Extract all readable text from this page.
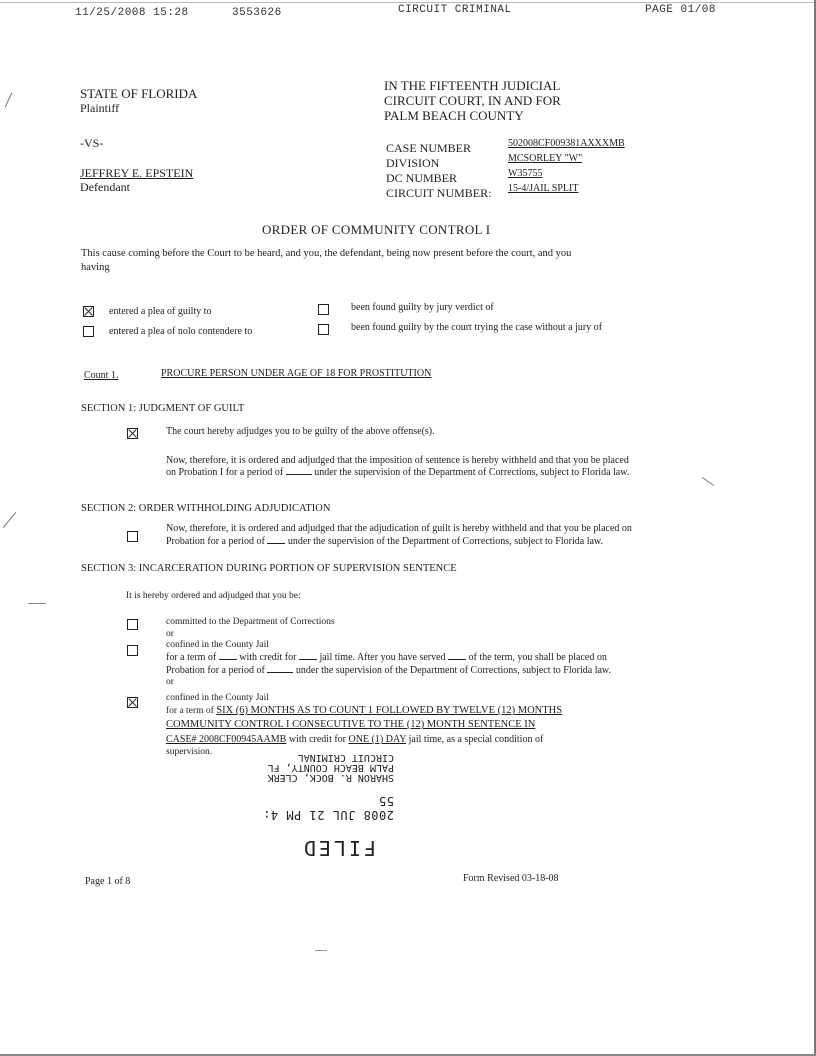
11/25/2008 15:28	3553626	CIRCUIT CRIMINAL	PAGE 01/08
STATE OF FLORIDA
Plaintiff
-VS-
JEFFREY E. EPSTEIN
Defendant
IN THE FIFTEENTH JUDICIAL
CIRCUIT COURT, IN AND FOR
PALM BEACH COUNTY
CASE NUMBER	502008CF009381AXXXMB
DIVISION	MCSORLEY "W"
DC NUMBER	W35755
CIRCUIT NUMBER: 15-4/JAIL SPLIT
ORDER OF COMMUNITY CONTROL I
This cause coming before the Court to be heard, and you, the defendant, being now present before the court, and you
having
entered a plea of guilty to
entered a plea of nolo contendere to
been found guilty by jury verdict of
been found guilty by the court trying the case without a jury of
Count 1.	PROCURE PERSON UNDER AGE OF 18 FOR PROSTITUTION
SECTION 1: JUDGMENT OF GUILT
The court hereby adjudges you to be guilty of the above offense(s).
Now, therefore, it is ordered and adjudged that the imposition of sentence is hereby withheld and that you be placed
on Probation I for a period of	under the supervision of the Department of Corrections, subject to Florida law.
SECTION 2: ORDER WITHHOLDING ADJUDICATION
Now, therefore, it is ordered and adjudged that the adjudication of guilt is hereby withheld and that you be placed on
Probation for a period of under the supervision of the Department of Corrections, subject to Florida law.
SECTION 3: INCARCERATION DURING PORTION OF SUPERVISION SENTENCE
It is hereby ordered and adjudged that you be:
committed to the Department of Corrections
or
confined in the County Jail
for a term of with credit for jail time. After you have served of the term, you shall be placed on
Probation for a period of	under the supervision of the Department of Corrections, subject to Florida law.
or
confined in the County Jail
for a term of SIX (6) MONTHS AS TO COUNT 1 FOLLOWED BY TWELVE (12) MONTHS
COMMUNITY CONTROL I CONSECUTIVE TO THE (12) MONTH SENTENCE IN
CASE# 2008CF00945AAMB with credit for ONE (1) DAY jail time, as a special condition of
supervision.
FILED
2008 JUL 21 PM 4: 55
SHARON R. BOCK, CLERK
PALM BEACH COUNTY, FL
CIRCUIT CRIMINAL
Page 1 of 8	Form Revised 03-18-08
